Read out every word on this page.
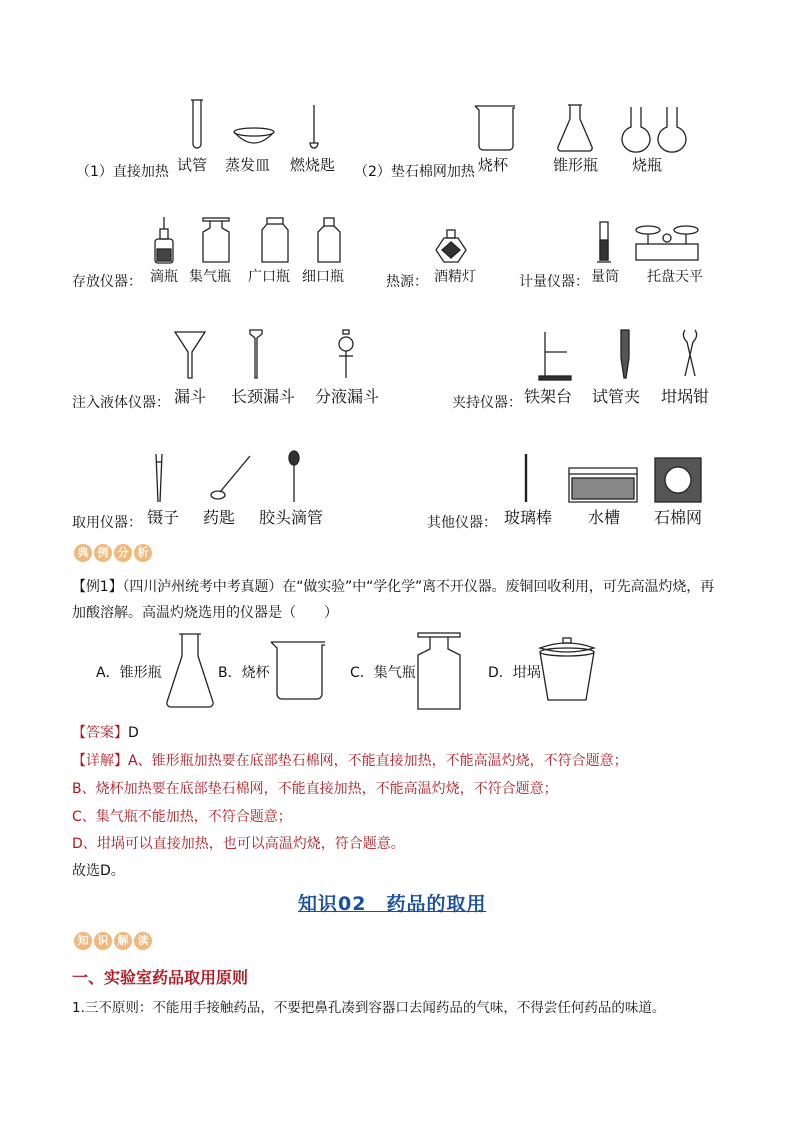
（1）直接加热 试管 蒸发皿 燃烧匙 （2）垫石棉网加热 烧杯	锥形瓶 烧瓶
存放仪器： 滴瓶 集气瓶 广口瓶 细口瓶	热源： 酒精灯	计量仪器： 量筒 托盘天平
注入液体仪器： 漏斗 长颈漏斗 分液漏斗	夹持仪器： 铁架台 试管夹 坩埚钳
取用仪器： 镊子 药匙 胶头滴管	其他仪器： 玻璃棒 水槽 石棉网
典 例 分 析
【例1】（四川泸州统考中考真题）在“做实验”中“学化学”离不开仪器。废铜回收利用，可先高温灼烧，再
加酸溶解。高温灼烧选用的仪器是（　　）
A．锥形瓶	B．烧杯	C．集气瓶	D．坩埚
【答案】D
【详解】A、锥形瓶加热要在底部垫石棉网，不能直接加热，不能高温灼烧，不符合题意；
B、烧杯加热要在底部垫石棉网，不能直接加热，不能高温灼烧，不符合题意；
C、集气瓶不能加热，不符合题意；
D、坩埚可以直接加热，也可以高温灼烧，符合题意。
故选D。
知识02　药品的取用
知 识 解 读
一、实验室药品取用原则
1.三不原则：不能用手接触药品，不要把鼻孔凑到容器口去闻药品的气味，不得尝任何药品的味道。
